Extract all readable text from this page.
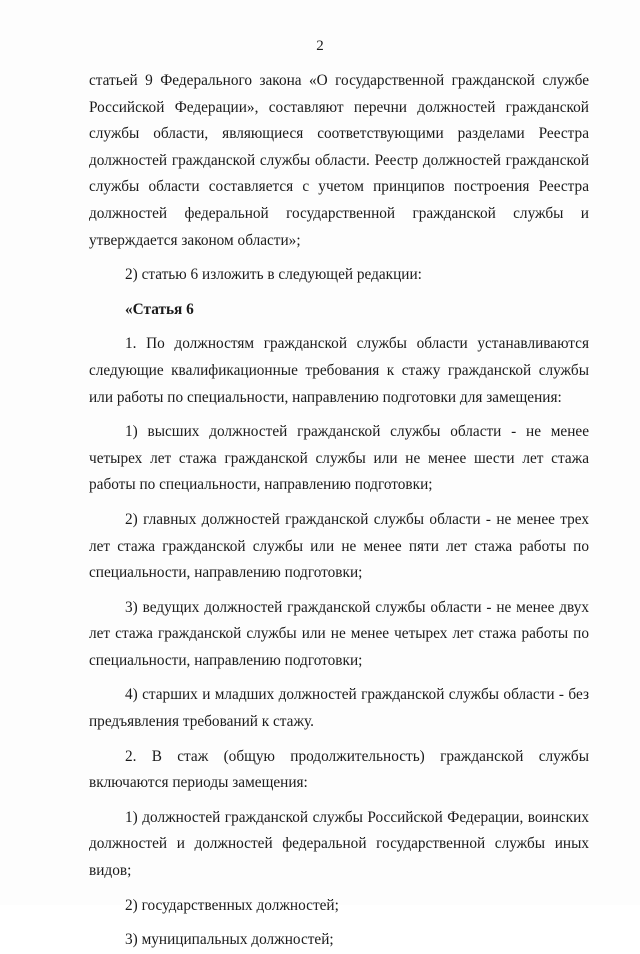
2

статьей 9 Федерального закона «О государственной гражданской службе Российской Федерации», составляют перечни должностей гражданской службы области, являющиеся соответствующими разделами Реестра должностей гражданской службы области. Реестр должностей гражданской службы области составляется с учетом принципов построения Реестра должностей федеральной государственной гражданской службы и утверждается законом области»;

2) статью 6 изложить в следующей редакции:

«Статья 6

1. По должностям гражданской службы области устанавливаются следующие квалификационные требования к стажу гражданской службы или работы по специальности, направлению подготовки для замещения:

1) высших должностей гражданской службы области - не менее четырех лет стажа гражданской службы или не менее шести лет стажа работы по специальности, направлению подготовки;

2) главных должностей гражданской службы области - не менее трех лет стажа гражданской службы или не менее пяти лет стажа работы по специальности, направлению подготовки;

3) ведущих должностей гражданской службы области - не менее двух лет стажа гражданской службы или не менее четырех лет стажа работы по специальности, направлению подготовки;

4) старших и младших должностей гражданской службы области - без предъявления требований к стажу.

2. В стаж (общую продолжительность) гражданской службы включаются периоды замещения:

1) должностей гражданской службы Российской Федерации, воинских должностей и должностей федеральной государственной службы иных видов;

2) государственных должностей;

3) муниципальных должностей;
